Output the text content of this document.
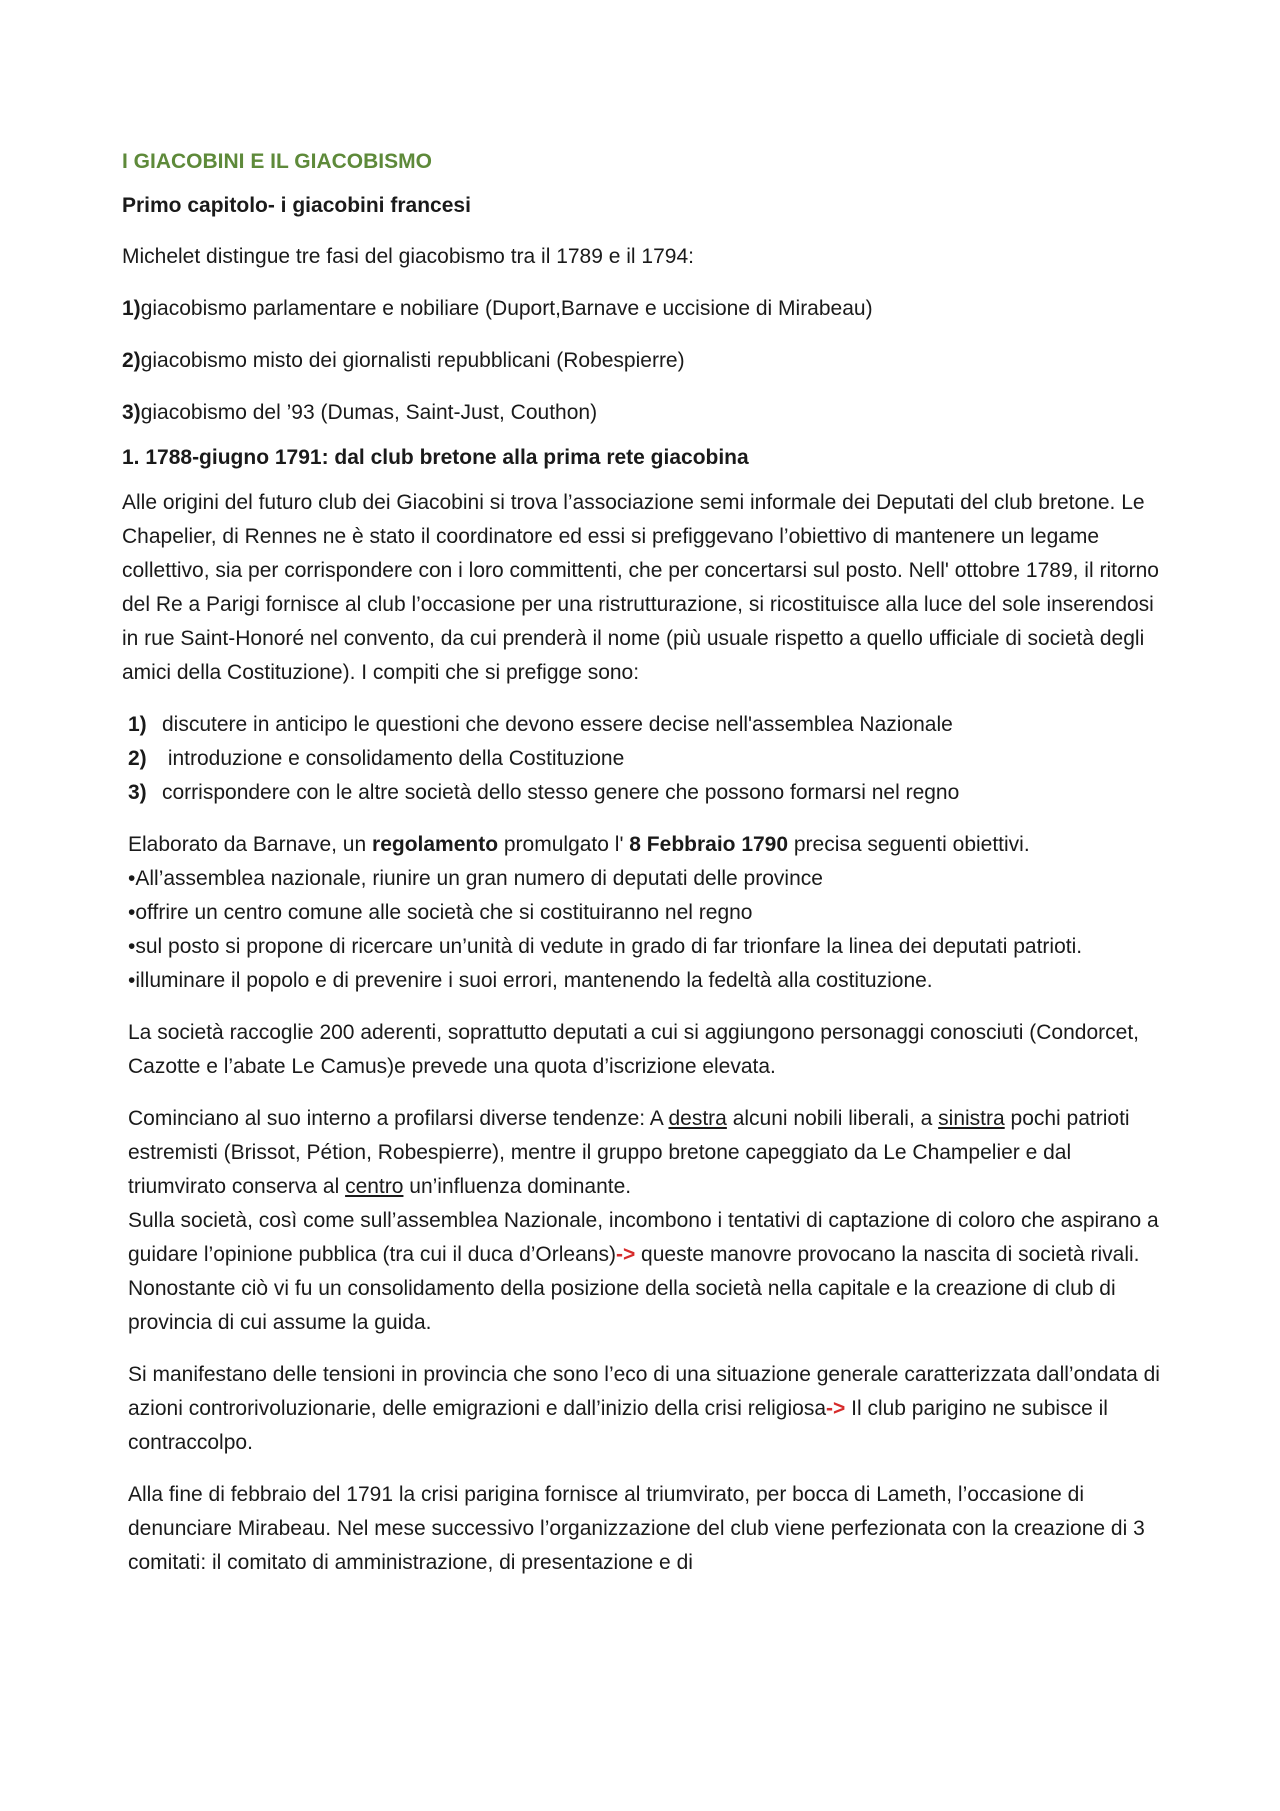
I GIACOBINI E IL GIACOBISMO
Primo capitolo- i giacobini francesi

Michelet distingue tre fasi del giacobismo tra il 1789 e il 1794:

1)giacobismo parlamentare e nobiliare (Duport,Barnave e uccisione di Mirabeau)
2)giacobismo misto dei giornalisti repubblicani (Robespierre)
3)giacobismo del ’93 (Dumas, Saint-Just, Couthon)
1. 1788-giugno 1791: dal club bretone alla prima rete giacobina

Alle origini del futuro club dei Giacobini si trova l’associazione semi informale dei Deputati del club bretone. Le Chapelier, di Rennes ne è stato il coordinatore ed essi si prefiggevano l’obiettivo di mantenere un legame collettivo, sia per corrispondere con i loro committenti, che per concertarsi sul posto. Nell' ottobre 1789, il ritorno del Re a Parigi fornisce al club l’occasione per una ristrutturazione, si ricostituisce alla luce del sole inserendosi in rue Saint-Honoré nel convento, da cui prenderà il nome (più usuale rispetto a quello ufficiale di società degli amici della Costituzione). I compiti che si prefigge sono:

1) discutere in anticipo le questioni che devono essere decise nell'assemblea Nazionale
2) introduzione e consolidamento della Costituzione
3) corrispondere con le altre società dello stesso genere che possono formarsi nel regno
Elaborato da Barnave, un regolamento promulgato l' 8 Febbraio 1790 precisa seguenti obiettivi.
•All’assemblea nazionale, riunire un gran numero di deputati delle province
•offrire un centro comune alle società che si costituiranno nel regno
•sul posto si propone di ricercare un’unità di vedute in grado di far trionfare la linea dei deputati patrioti.
•illuminare il popolo e di prevenire i suoi errori, mantenendo la fedeltà alla costituzione.

La società raccoglie 200 aderenti, soprattutto deputati a cui si aggiungono personaggi conosciuti (Condorcet, Cazotte e l’abate Le Camus)e prevede una quota d’iscrizione elevata.

Cominciano al suo interno a profilarsi diverse tendenze: A destra alcuni nobili liberali, a sinistra pochi patrioti estremisti (Brissot, Pétion, Robespierre), mentre il gruppo bretone capeggiato da Le Champelier e dal triumvirato conserva al centro un’influenza dominante.
Sulla società, così come sull’assemblea Nazionale, incombono i tentativi di captazione di coloro che aspirano a guidare l’opinione pubblica (tra cui il duca d’Orleans)-> queste manovre provocano la nascita di società rivali. Nonostante ciò vi fu un consolidamento della posizione della società nella capitale e la creazione di club di provincia di cui assume la guida.

Si manifestano delle tensioni in provincia che sono l’eco di una situazione generale caratterizzata dall’ondata di azioni controrivoluzionarie, delle emigrazioni e dall’inizio della crisi religiosa-> Il club parigino ne subisce il contraccolpo.

Alla fine di febbraio del 1791 la crisi parigina fornisce al triumvirato, per bocca di Lameth, l’occasione di denunciare Mirabeau. Nel mese successivo l’organizzazione del club viene perfezionata con la creazione di 3 comitati: il comitato di amministrazione, di presentazione e di
